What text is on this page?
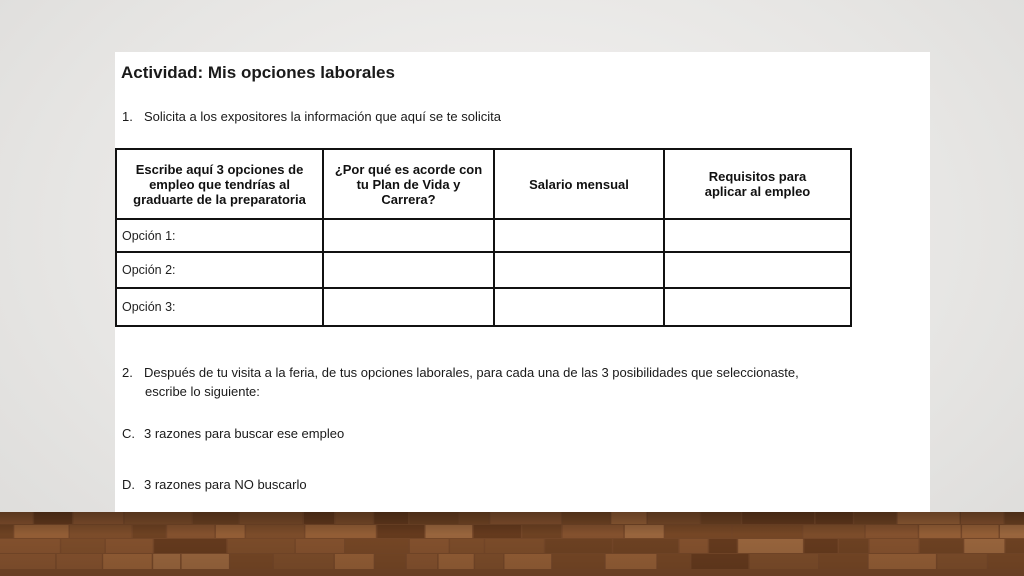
Actividad: Mis opciones laborales
1. Solicita a los expositores la información que aquí se te solicita
Escribe aquí 3 opciones de empleo que tendrías al graduarte de la preparatoria	¿Por qué es acorde con tu Plan de Vida y Carrera?	Salario mensual	Requisitos para aplicar al empleo

Opción 1:			
Opción 2:			
Opción 3:			
2. Después de tu visita a la feria, de tus opciones laborales, para cada una de las 3 posibilidades que seleccionaste,
escribe lo siguiente:
C. 3 razones para buscar ese empleo
D. 3 razones para NO buscarlo
